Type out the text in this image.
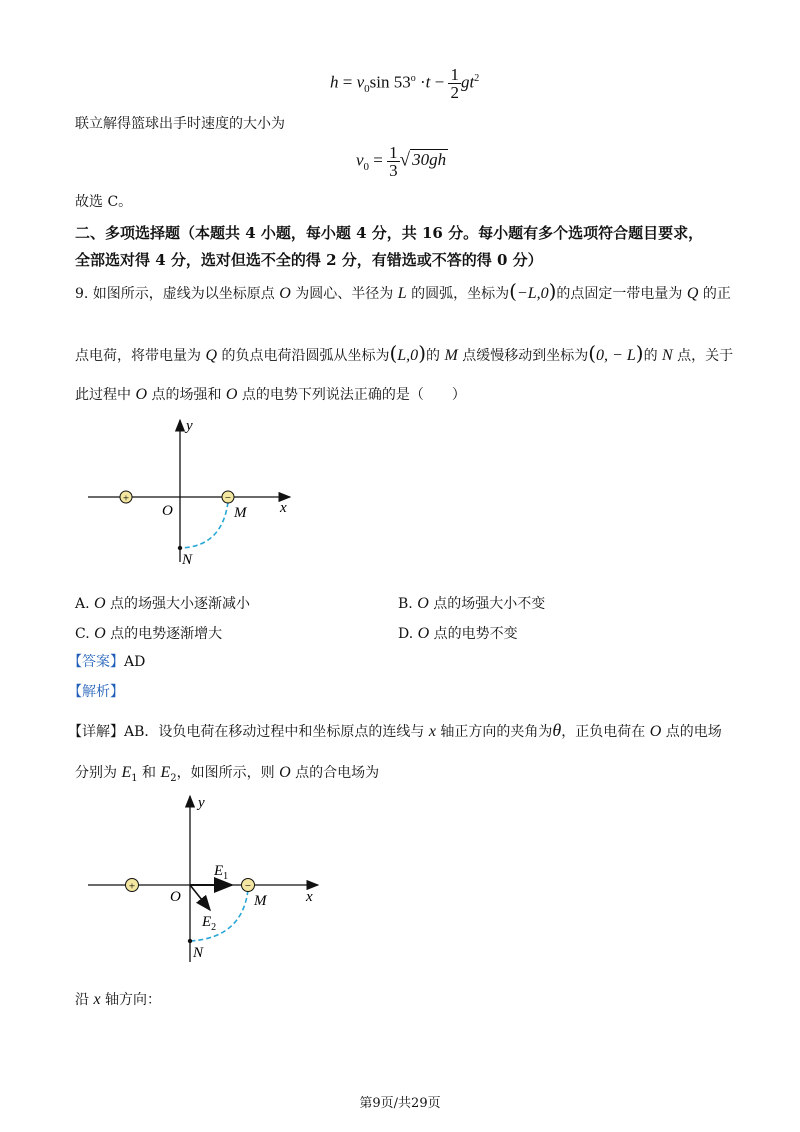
$h = v_0\sin$ $53^o \cdot t - \frac{1}{2} gt^2$
联立解得篮球出手时速度的大小为
$v_0 = \frac{1}{3}$ √ 30gh
故选 C。
二、多项选择题（本题共 4 小题，每小题 4 分，共 16 分。每小题有多个选项符合题目要求，
全部选对得 4 分，选对但选不全的得 2 分，有错选或不答的得 0 分）
9. 如图所示，虚线为以坐标原点 O 为圆心、半径为 L 的圆弧，坐标为(−L,0)的点固定一带电量为 Q 的正
点电荷，将带电量为 Q 的负点电荷沿圆弧从坐标为(L,0)的 M 点缓慢移动到坐标为(0, − L)的 N 点，关于
此过程中 O 点的场强和 O 点的电势下列说法正确的是（　　）
+	−
y
x
O	M
N
A. O 点的场强大小逐渐减小	B. O 点的场强大小不变
C. O 点的电势逐渐增大	D. O 点的电势不变
【答案】AD
【解析】
【详解】AB．设负电荷在移动过程中和坐标原点的连线与 x 轴正方向的夹角为θ，正负电荷在 O 点的电场
分别为 $E_1$ 和 $E_2$，如图所示，则 O 点的合电场为
+	−
y
x
O	M
N
$E_1$
$E_2$
沿 x 轴方向：
第9页/共29页
